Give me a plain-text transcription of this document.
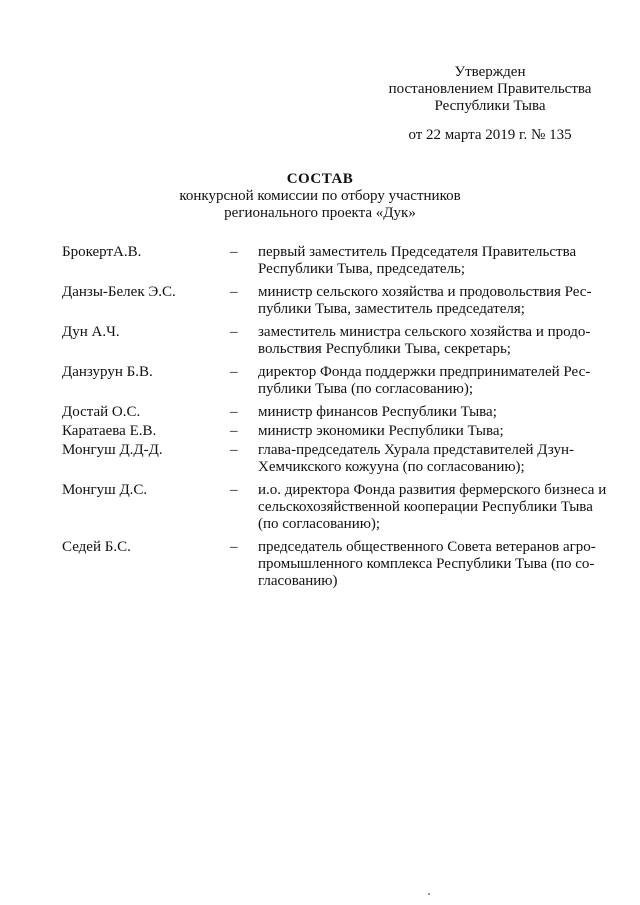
Утвержден
постановлением Правительства
Республики Тыва
от 22 марта 2019 г. № 135
СОСТАВ
конкурсной комиссии по отбору участников
регионального проекта «Дук»
БрокертА.В.	–	первый заместитель Председателя Правительства
Республики Тыва, председатель;
Данзы-Белек Э.С.	–	министр сельского хозяйства и продовольствия Рес-
публики Тыва, заместитель председателя;
Дун А.Ч.	–	заместитель министра сельского хозяйства и продо-
вольствия Республики Тыва, секретарь;
Данзурун Б.В.	–	директор Фонда поддержки предпринимателей Рес-
публики Тыва (по согласованию);
Достай О.С.	–	министр финансов Республики Тыва;
Каратаева Е.В.	–	министр экономики Республики Тыва;
Монгуш Д.Д-Д.	–	глава-председатель Хурала представителей Дзун-
Хемчикского кожууна (по согласованию);
Монгуш Д.С.	–	и.о. директора Фонда развития фермерского бизнеса и
сельскохозяйственной кооперации Республики Тыва
(по согласованию);
Седей Б.С.	–	председатель общественного Совета ветеранов агро-
промышленного комплекса Республики Тыва (по со-
гласованию)
